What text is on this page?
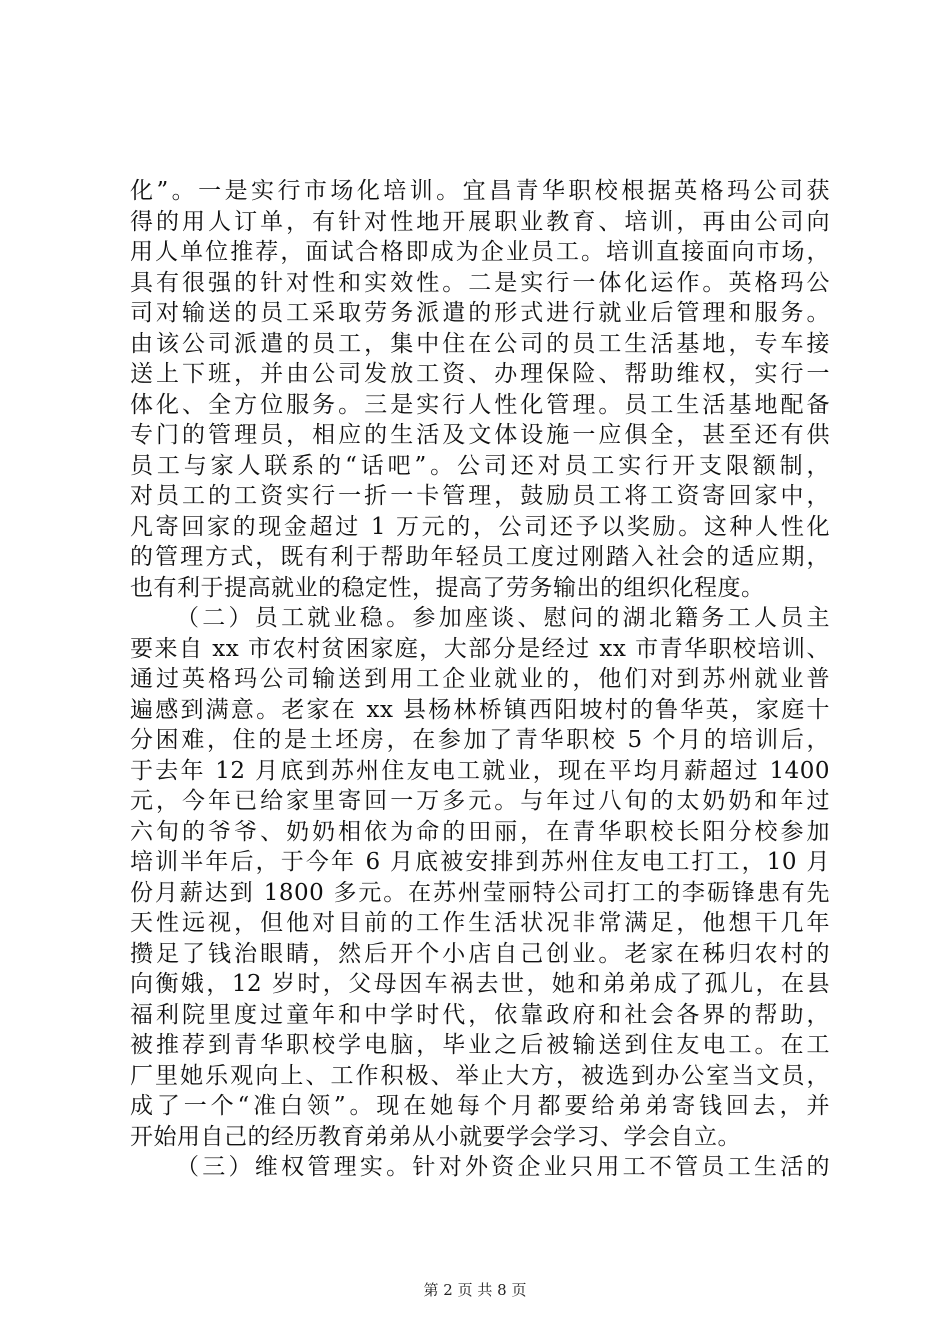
化”。一是实行市场化培训。宜昌青华职校根据英格玛公司获
得的用人订单，有针对性地开展职业教育、培训，再由公司向
用人单位推荐，面试合格即成为企业员工。培训直接面向市场，
具有很强的针对性和实效性。二是实行一体化运作。英格玛公
司对输送的员工采取劳务派遣的形式进行就业后管理和服务。
由该公司派遣的员工，集中住在公司的员工生活基地，专车接
送上下班，并由公司发放工资、办理保险、帮助维权，实行一
体化、全方位服务。三是实行人性化管理。员工生活基地配备
专门的管理员，相应的生活及文体设施一应俱全，甚至还有供
员工与家人联系的“话吧”。公司还对员工实行开支限额制，
对员工的工资实行一折一卡管理，鼓励员工将工资寄回家中，
凡寄回家的现金超过 1 万元的，公司还予以奖励。这种人性化
的管理方式，既有利于帮助年轻员工度过刚踏入社会的适应期，
也有利于提高就业的稳定性，提高了劳务输出的组织化程度。
（二）员工就业稳。参加座谈、慰问的湖北籍务工人员主
要来自 xx 市农村贫困家庭，大部分是经过 xx 市青华职校培训、
通过英格玛公司输送到用工企业就业的，他们对到苏州就业普
遍感到满意。老家在 xx 县杨林桥镇西阳坡村的鲁华英，家庭十
分困难，住的是土坯房，在参加了青华职校 5 个月的培训后，
于去年 12 月底到苏州住友电工就业，现在平均月薪超过 1400
元，今年已给家里寄回一万多元。与年过八旬的太奶奶和年过
六旬的爷爷、奶奶相依为命的田丽，在青华职校长阳分校参加
培训半年后，于今年 6 月底被安排到苏州住友电工打工，10 月
份月薪达到 1800 多元。在苏州莹丽特公司打工的李砺锋患有先
天性远视，但他对目前的工作生活状况非常满足，他想干几年
攒足了钱治眼睛，然后开个小店自己创业。老家在秭归农村的
向衡娥，12 岁时，父母因车祸去世，她和弟弟成了孤儿，在县
福利院里度过童年和中学时代，依靠政府和社会各界的帮助，
被推荐到青华职校学电脑，毕业之后被输送到住友电工。在工
厂里她乐观向上、工作积极、举止大方，被选到办公室当文员，
成了一个“准白领”。现在她每个月都要给弟弟寄钱回去，并
开始用自己的经历教育弟弟从小就要学会学习、学会自立。
（三）维权管理实。针对外资企业只用工不管员工生活的
第 2 页 共 8 页
